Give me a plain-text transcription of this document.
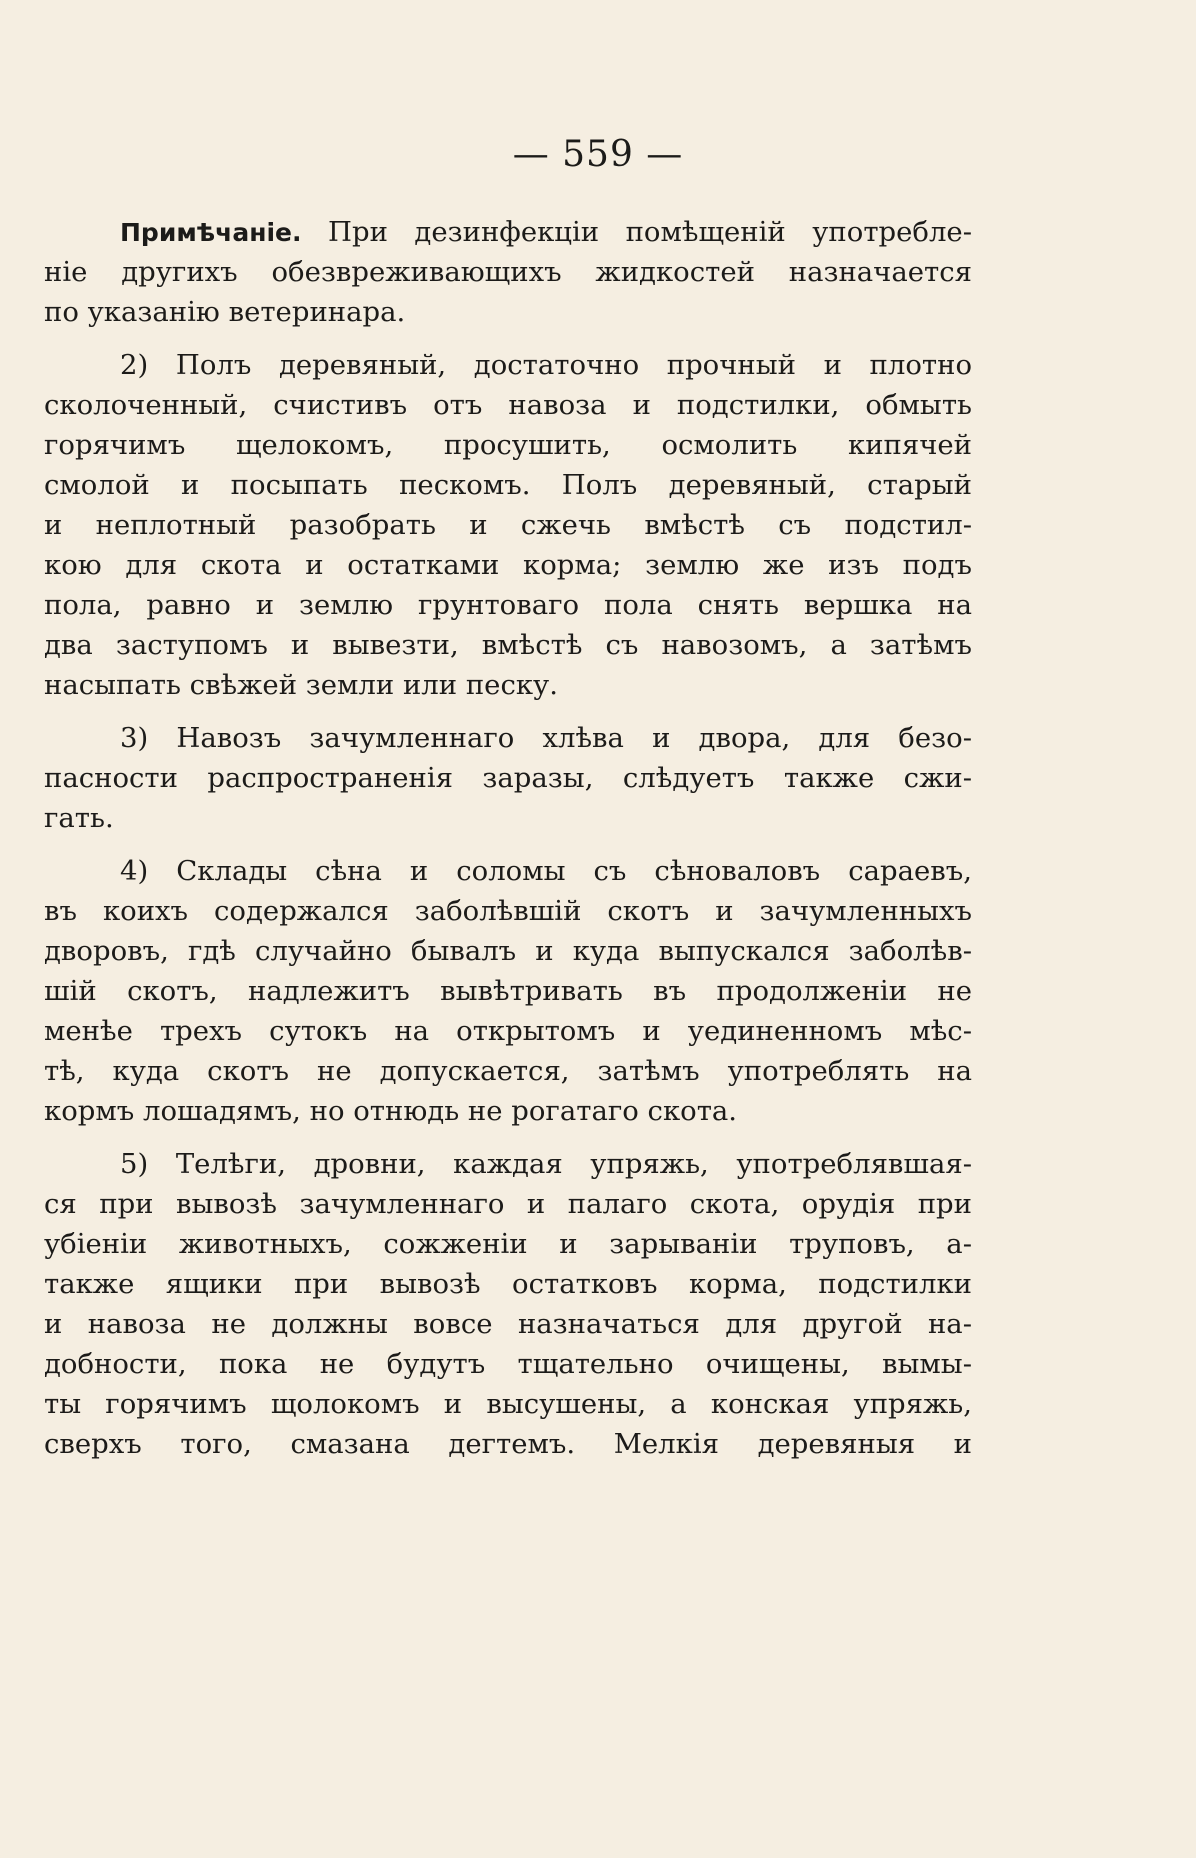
— 559 —
Примѣчаніе. При дезинфекціи помѣщеній употребле-
ніе другихъ обезвреживающихъ жидкостей назначается
по указанію ветеринара.
2) Полъ деревяный, достаточно прочный и плотно
сколоченный, счистивъ отъ навоза и подстилки, обмыть
горячимъ щелокомъ, просушить, осмолить кипячей
смолой и посыпать пескомъ. Полъ деревяный, старый
и неплотный разобрать и сжечь вмѣстѣ съ подстил-
кою для скота и остатками корма; землю же изъ подъ
пола, равно и землю грунтоваго пола снять вершка на
два заступомъ и вывезти, вмѣстѣ съ навозомъ, а затѣмъ
насыпать свѣжей земли или песку.
3) Навозъ зачумленнаго хлѣва и двора, для безо-
пасности распространенія заразы, слѣдуетъ также сжи-
гать.
4) Склады сѣна и соломы съ сѣноваловъ сараевъ,
въ коихъ содержался заболѣвшій скотъ и зачумленныхъ
дворовъ, гдѣ случайно бывалъ и куда выпускался заболѣв-
шій скотъ, надлежитъ вывѣтривать въ продолженіи не
менѣе трехъ сутокъ на открытомъ и уединенномъ мѣс-
тѣ, куда скотъ не допускается, затѣмъ употреблять на
кормъ лошадямъ, но отнюдь не рогатаго скота.
5) Телѣги, дровни, каждая упряжь, употреблявшая-
ся при вывозѣ зачумленнаго и палаго скота, орудія при
убіеніи животныхъ, сожженіи и зарываніи труповъ, а-
также ящики при вывозѣ остатковъ корма, подстилки
и навоза не должны вовсе назначаться для другой на-
добности, пока не будутъ тщательно очищены, вымы-
ты горячимъ щолокомъ и высушены, а конская упряжь,
сверхъ того, смазана дегтемъ. Мелкія деревяныя и
